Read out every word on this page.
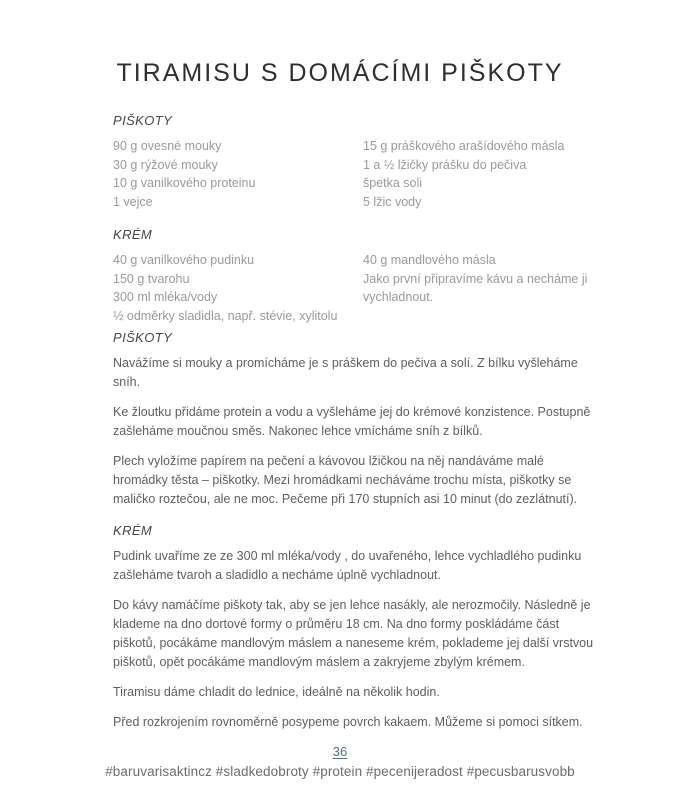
TIRAMISU S DOMÁCÍMI PIŠKOTY
PIŠKOTY
90 g ovesné mouky
30 g rýžové mouky
10 g vanilkového proteinu
1 vejce
15 g práškového arašídového másla
1 a ½ lžičky prášku do pečiva
špetka soli
5 lžic vody
KRÉM
40 g vanilkového pudinku
150 g tvarohu
300 ml mléka/vody
½ odměrky sladidla, např. stévie, xylitolu
40 g mandlového másla
Jako první připravíme kávu a necháme ji vychladnout.
PIŠKOTY

Navážíme si mouky a promícháme je s práškem do pečiva a solí. Z bílku vyšleháme sníh.

Ke žloutku přidáme protein a vodu a vyšleháme jej do krémové konzistence. Postupně zašleháme moučnou směs. Nakonec lehce vmícháme sníh z bílků.

Plech vyložíme papírem na pečení a kávovou lžičkou na něj nandáváme malé hromádky těsta – piškotky. Mezi hromádkami necháváme trochu místa, piškotky se maličko roztečou, ale ne moc. Pečeme při 170 stupních asi 10 minut (do zezlátnutí).

KRÉM

Pudink uvaříme ze ze 300 ml mléka/vody , do uvařeného, lehce vychladlého pudinku zašleháme tvaroh a sladidlo a necháme úplně vychladnout.

Do kávy namáčíme piškoty tak, aby se jen lehce nasákly, ale nerozmočily. Následně je klademe na dno dortové formy o průměru 18 cm. Na dno formy poskládáme část piškotů, pocákáme mandlovým máslem a naneseme krém, poklademe jej další vrstvou piškotů, opět pocákáme mandlovým máslem a zakryjeme zbylým krémem.

Tiramisu dáme chladit do lednice, ideálně na několik hodin.

Před rozkrojením rovnoměrně posypeme povrch kakaem. Můžeme si pomoci sítkem.

36
#baruvarisaktincz #sladkedobroty #protein #pecenijeradost #pecusbarusvobb
